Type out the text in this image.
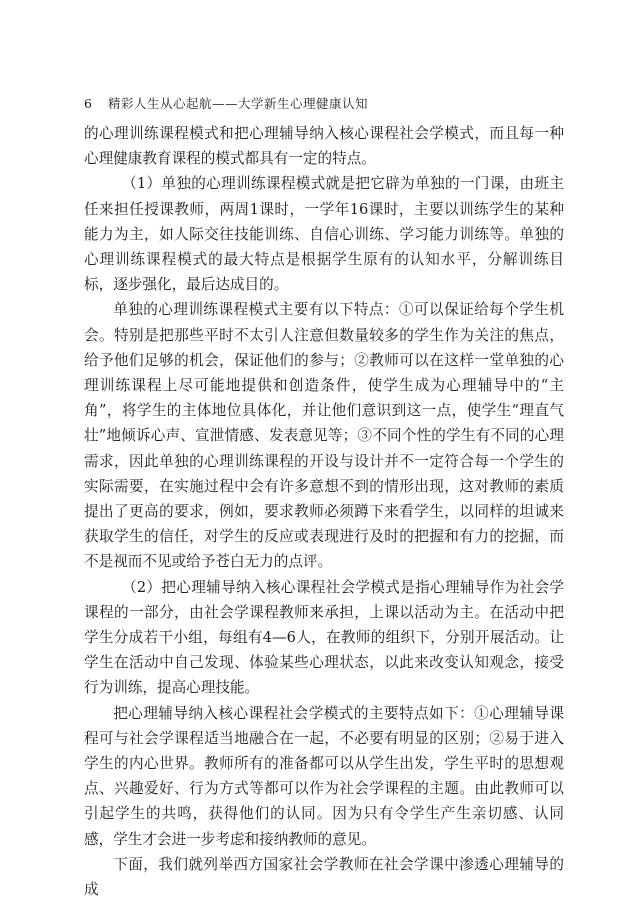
6 精彩人生从心起航——大学新生心理健康认知

的心理训练课程模式和把心理辅导纳入核心课程社会学模式，而且每一种心理健康教育课程的模式都具有一定的特点。

（1）单独的心理训练课程模式就是把它辟为单独的一门课，由班主任来担任授课教师，两周1课时，一学年16课时，主要以训练学生的某种能力为主，如人际交往技能训练、自信心训练、学习能力训练等。单独的心理训练课程模式的最大特点是根据学生原有的认知水平，分解训练目标，逐步强化，最后达成目的。

单独的心理训练课程模式主要有以下特点：①可以保证给每个学生机会。特别是把那些平时不太引人注意但数量较多的学生作为关注的焦点，给予他们足够的机会，保证他们的参与；②教师可以在这样一堂单独的心理训练课程上尽可能地提供和创造条件，使学生成为心理辅导中的“主角”，将学生的主体地位具体化，并让他们意识到这一点，使学生“理直气壮”地倾诉心声、宣泄情感、发表意见等；③不同个性的学生有不同的心理需求，因此单独的心理训练课程的开设与设计并不一定符合每一个学生的实际需要，在实施过程中会有许多意想不到的情形出现，这对教师的素质提出了更高的要求，例如，要求教师必须蹲下来看学生，以同样的坦诚来获取学生的信任，对学生的反应或表现进行及时的把握和有力的挖掘，而不是视而不见或给予苍白无力的点评。

（2）把心理辅导纳入核心课程社会学模式是指心理辅导作为社会学课程的一部分，由社会学课程教师来承担，上课以活动为主。在活动中把学生分成若干小组，每组有4—6人，在教师的组织下，分别开展活动。让学生在活动中自己发现、体验某些心理状态，以此来改变认知观念，接受行为训练，提高心理技能。

把心理辅导纳入核心课程社会学模式的主要特点如下：①心理辅导课程可与社会学课程适当地融合在一起，不必要有明显的区别；②易于进入学生的内心世界。教师所有的准备都可以从学生出发，学生平时的思想观点、兴趣爱好、行为方式等都可以作为社会学课程的主题。由此教师可以引起学生的共鸣，获得他们的认同。因为只有令学生产生亲切感、认同感，学生才会进一步考虑和接纳教师的意见。

下面，我们就列举西方国家社会学教师在社会学课中渗透心理辅导的成
